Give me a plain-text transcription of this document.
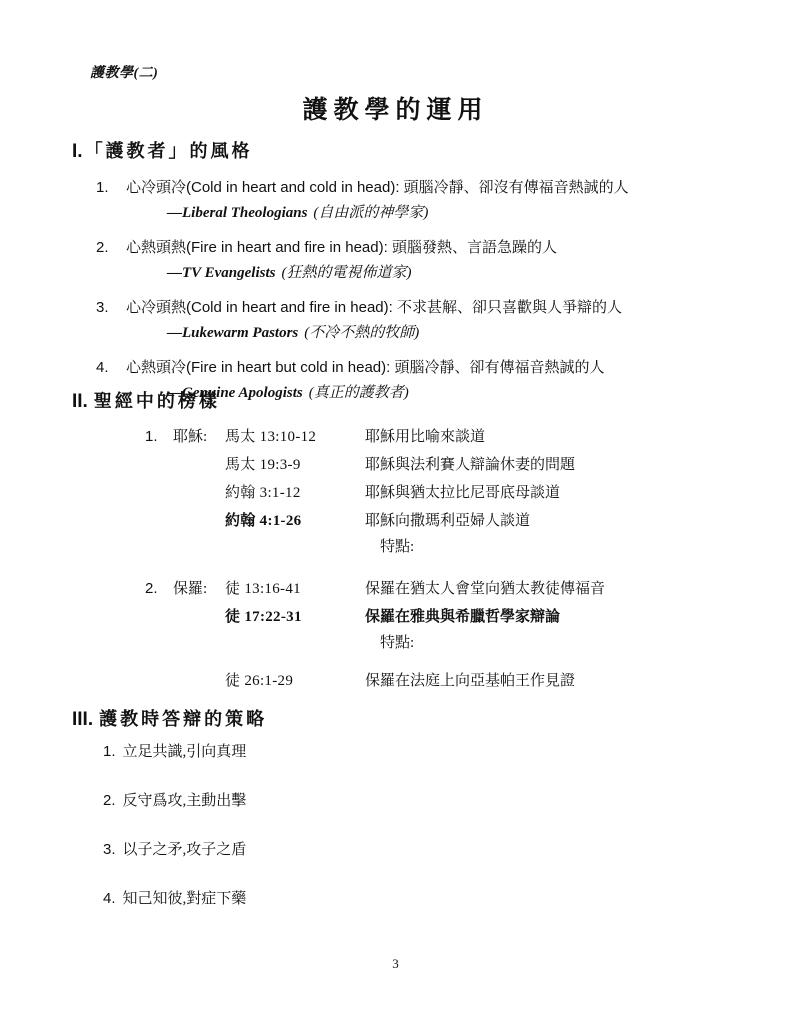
護教學(二)
護教學的運用
I. 「護教者」的風格
1. 心冷頭冷(Cold in heart and cold in head): 頭腦冷靜、卻沒有傳福音熱誠的人
—Liberal Theologians (自由派的神學家)
2. 心熱頭熱(Fire in heart and fire in head): 頭腦發熱、言語急躁的人
—TV Evangelists (狂熱的電視佈道家)
3. 心冷頭熱(Cold in heart and fire in head): 不求甚解、卻只喜歡與人爭辯的人
—Lukewarm Pastors (不冷不熱的牧師)
4. 心熱頭冷(Fire in heart but cold in head): 頭腦冷靜、卻有傳福音熱誠的人
—Genuine Apologists (真正的護教者)
II. 聖經中的榜樣
1.	耶穌:	馬太 13:10-12	耶穌用比喻來談道
馬太 19:3-9	耶穌與法利賽人辯論休妻的問題
約翰 3:1-12	耶穌與猶太拉比尼哥底母談道
約翰 4:1-26	耶穌向撒瑪利亞婦人談道
特點:
2.	保羅:	徒 13:16-41	保羅在猶太人會堂向猶太教徒傳福音
徒 17:22-31	保羅在雅典與希臘哲學家辯論
特點:
徒 26:1-29	保羅在法庭上向亞基帕王作見證
III. 護教時答辯的策略
1. 立足共識,引向真理
2. 反守爲攻,主動出擊
3. 以子之矛,攻子之盾
4. 知己知彼,對症下藥
3
